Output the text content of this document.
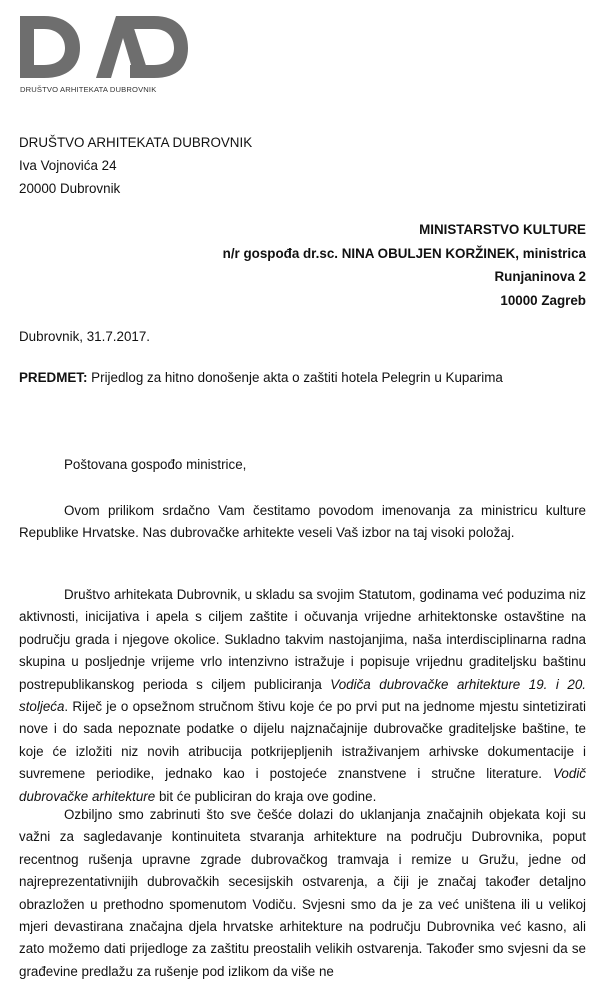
DRUŠTVO ARHITEKATA DUBROVNIK
DRUŠTVO ARHITEKATA DUBROVNIK
Iva Vojnovića 24
20000 Dubrovnik
MINISTARSTVO KULTURE
n/r gospođa dr.sc. NINA OBULJEN KORŽINEK, ministrica
Runjaninova 2
10000 Zagreb
Dubrovnik, 31.7.2017.
PREDMET: Prijedlog za hitno donošenje akta o zaštiti hotela Pelegrin u Kuparima
Poštovana gospođo ministrice,
Ovom prilikom srdačno Vam čestitamo povodom imenovanja za ministricu kulture Republike Hrvatske. Nas dubrovačke arhitekte veseli Vaš izbor na taj visoki položaj.
Društvo arhitekata Dubrovnik, u skladu sa svojim Statutom, godinama već poduzima niz aktivnosti, inicijativa i apela s ciljem zaštite i očuvanja vrijedne arhitektonske ostavštine na području grada i njegove okolice. Sukladno takvim nastojanjima, naša interdisciplinarna radna skupina u posljednje vrijeme vrlo intenzivno istražuje i popisuje vrijednu graditeljsku baštinu postrepublikanskog perioda s ciljem publiciranja Vodiča dubrovačke arhitekture 19. i 20. stoljeća. Riječ je o opsežnom stručnom štivu koje će po prvi put na jednome mjestu sintetizirati nove i do sada nepoznate podatke o dijelu najznačajnije dubrovačke graditeljske baštine, te koje će izložiti niz novih atribucija potkrijepljenih istraživanjem arhivske dokumentacije i suvremene periodike, jednako kao i postojeće znanstvene i stručne literature. Vodič dubrovačke arhitekture bit će publiciran do kraja ove godine.
Ozbiljno smo zabrinuti što sve češće dolazi do uklanjanja značajnih objekata koji su važni za sagledavanje kontinuiteta stvaranja arhitekture na području Dubrovnika, poput recentnog rušenja upravne zgrade dubrovačkog tramvaja i remize u Gružu, jedne od najreprezentativnijih dubrovačkih secesijskih ostvarenja, a čiji je značaj također detaljno obrazložen u prethodno spomenutom Vodiču. Svjesni smo da je za već uništena ili u velikoj mjeri devastirana značajna djela hrvatske arhitekture na području Dubrovnika već kasno, ali zato možemo dati prijedloge za zaštitu preostalih velikih ostvarenja. Također smo svjesni da se građevine predlažu za rušenje pod izlikom da više ne
